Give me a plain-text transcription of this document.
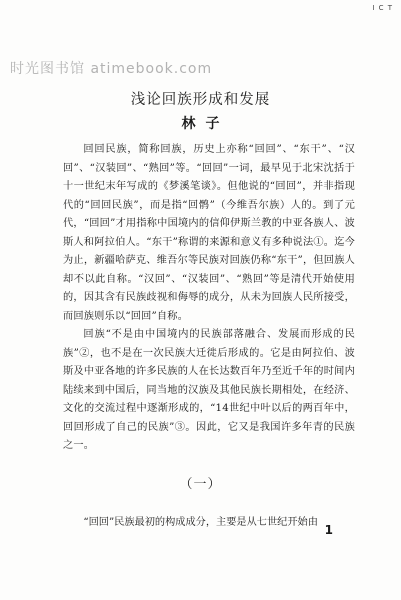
I C T
时光图书馆 atimebook.com
浅论回族形成和发展
林子

回回民族，简称回族，历史上亦称“回回”、“东干”、“汉回”、“汉装回”、“熟回”等。“回回”一词，最早见于北宋沈括于十一世纪末年写成的《梦溪笔谈》。但他说的“回回”，并非指现代的“回回民族”，而是指“回鹘”（今维吾尔族）人的。到了元代，“回回”才用指称中国境内的信仰伊斯兰教的中亚各族人、波斯人和阿拉伯人。“东干”称谓的来源和意义有多种说法①。迄今为止，新疆哈萨克、维吾尔等民族对回族仍称“东干”，但回族人却不以此自称。“汉回”、“汉装回”、“熟回”等是清代开始使用的，因其含有民族歧视和侮辱的成分，从未为回族人民所接受，而回族则乐以“回回”自称。

回族“不是由中国境内的民族部落融合、发展而形成的民族”②，也不是在一次民族大迁徙后形成的。它是由阿拉伯、波斯及中亚各地的许多民族的人在长达数百年乃至近千年的时间内陆续来到中国后，同当地的汉族及其他民族长期相处，在经济、文化的交流过程中逐渐形成的，“14世纪中叶以后的两百年中，回回形成了自己的民族”③。因此，它又是我国许多年青的民族之一。

（一）

“回回”民族最初的构成成分，主要是从七世纪开始由

1
